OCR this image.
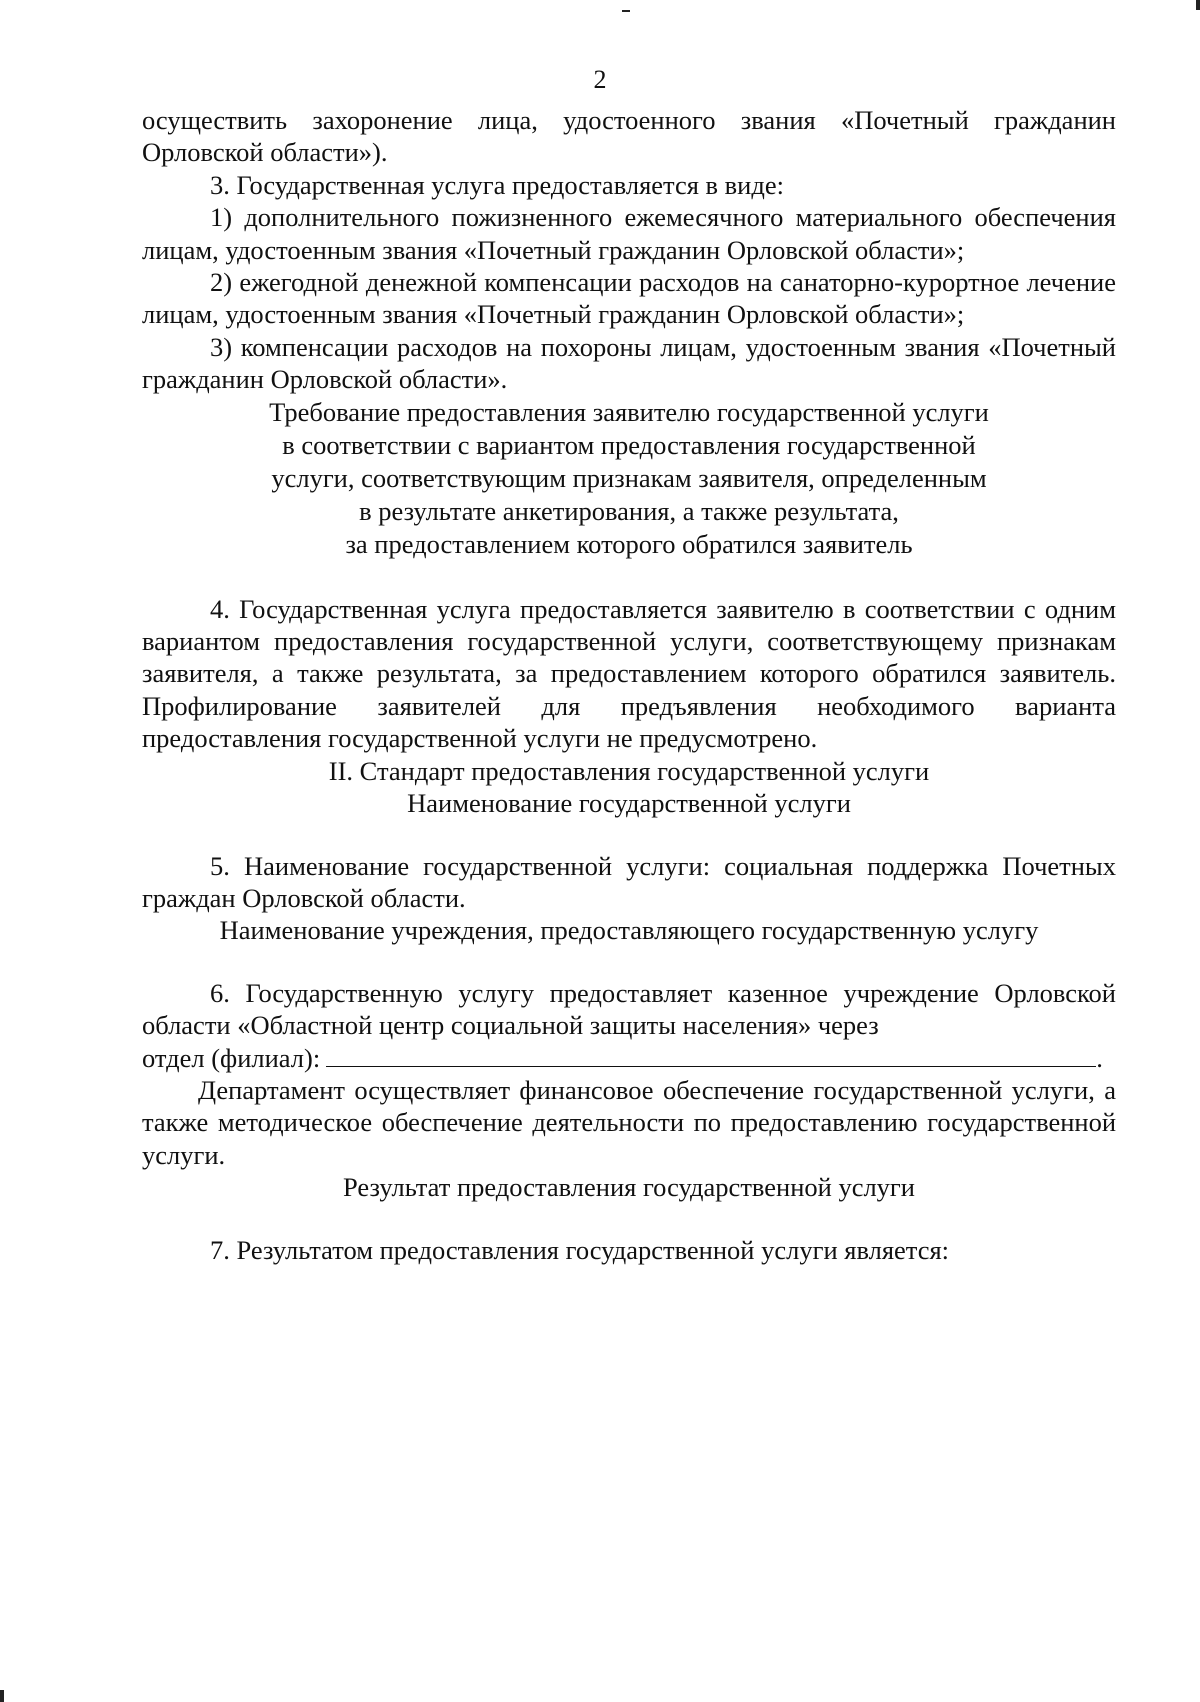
2

осуществить захоронение лица, удостоенного звания «Почетный гражданин Орловской области»).

3. Государственная услуга предоставляется в виде:

1) дополнительного пожизненного ежемесячного материального обеспечения лицам, удостоенным звания «Почетный гражданин Орловской области»;

2) ежегодной денежной компенсации расходов на санаторно-курортное лечение лицам, удостоенным звания «Почетный гражданин Орловской области»;

3) компенсации расходов на похороны лицам, удостоенным звания «Почетный гражданин Орловской области».

Требование предоставления заявителю государственной услуги
в соответствии с вариантом предоставления государственной
услуги, соответствующим признакам заявителя, определенным
в результате анкетирования, а также результата,
за предоставлением которого обратился заявитель

4. Государственная услуга предоставляется заявителю в соответствии с одним вариантом предоставления государственной услуги, соответствующему признакам заявителя, а также результата, за предоставлением которого обратился заявитель. Профилирование заявителей для предъявления необходимого варианта предоставления государственной услуги не предусмотрено.

II. Стандарт предоставления государственной услуги
Наименование государственной услуги

5. Наименование государственной услуги: социальная поддержка Почетных граждан Орловской области.

Наименование учреждения, предоставляющего государственную услугу

6. Государственную услугу предоставляет казенное учреждение Орловской области «Областной центр социальной защиты населения» через

отдел (филиал):	.

Департамент осуществляет финансовое обеспечение государственной услуги, а также методическое обеспечение деятельности по предоставлению государственной услуги.

Результат предоставления государственной услуги

7. Результатом предоставления государственной услуги является:
